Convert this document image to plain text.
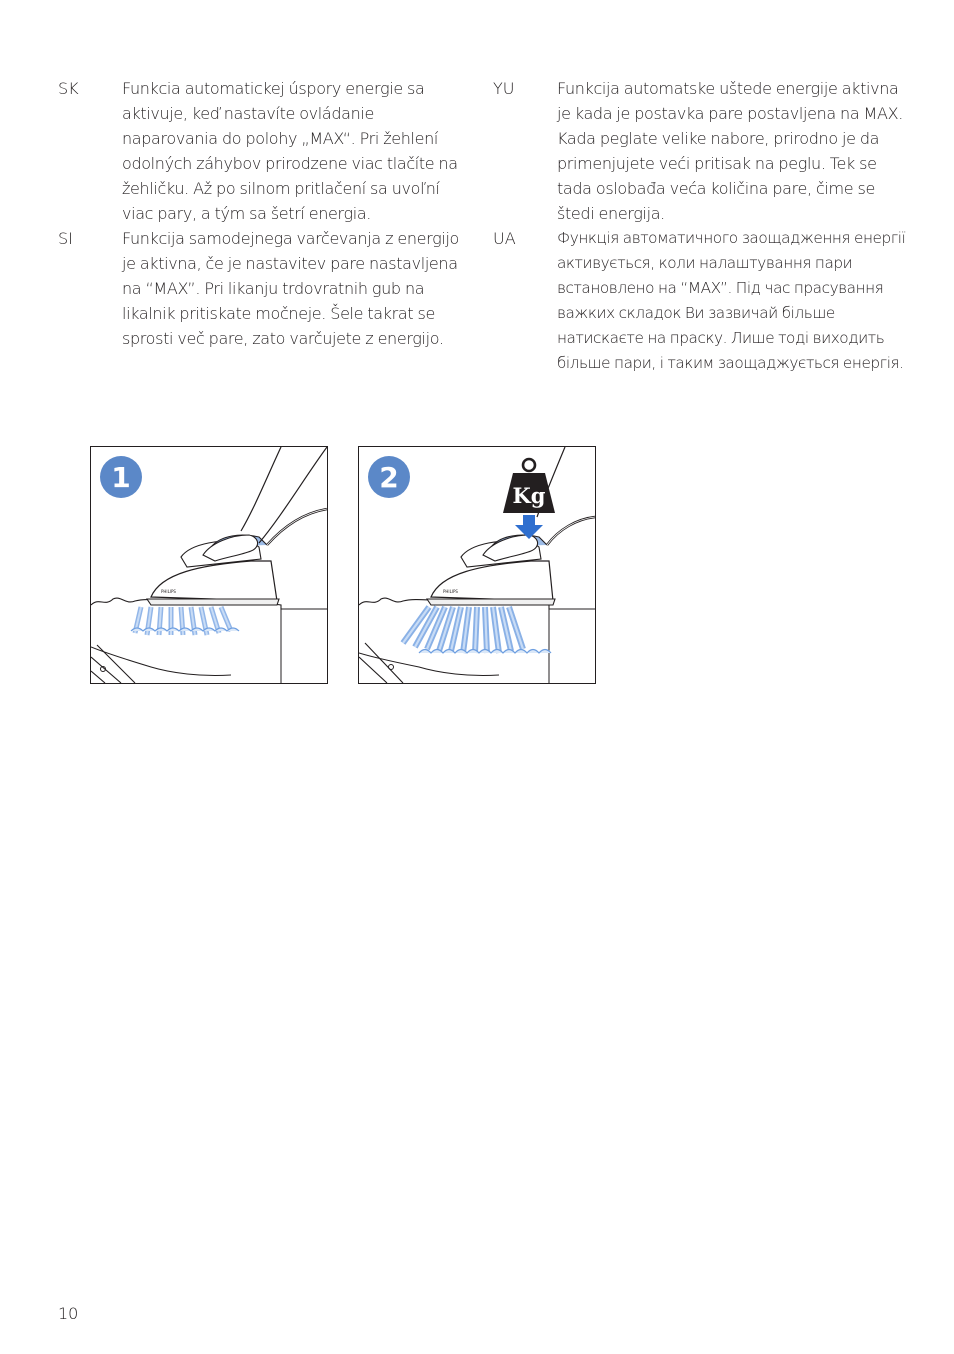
SK	Funkcia automatickej úspory energie sa aktivuje, keď nastavíte ovládanie naparovania do polohy „MAX“. Pri žehlení odolných záhybov prirodzene viac tlačíte na žehličku. Až po silnom pritlačení sa uvoľní viac pary, a tým sa šetrí energia.

SI	Funkcija samodejnega varčevanja z energijo je aktivna, če je nastavitev pare nastavljena na “MAX”. Pri likanju trdovratnih gub na likalnik pritiskate močneje. Šele takrat se sprosti več pare, zato varčujete z energijo.

YU	Funkcija automatske uštede energije aktivna je kada je postavka pare postavljena na MAX. Kada peglate velike nabore, prirodno je da primenjujete veći pritisak na peglu. Tek se tada oslobađa veća količina pare, čime se štedi energija.

UA	Функція автоматичного заощадження енергії активується, коли налаштування пари встановлено на “MAX”. Під час прасування важких складок Ви зазвичай більше натискаєте на праску. Лише тоді виходить більше пари, і таким заощаджується енергія.

PHILIPS
1
PHILIPS
Kg
2
10
